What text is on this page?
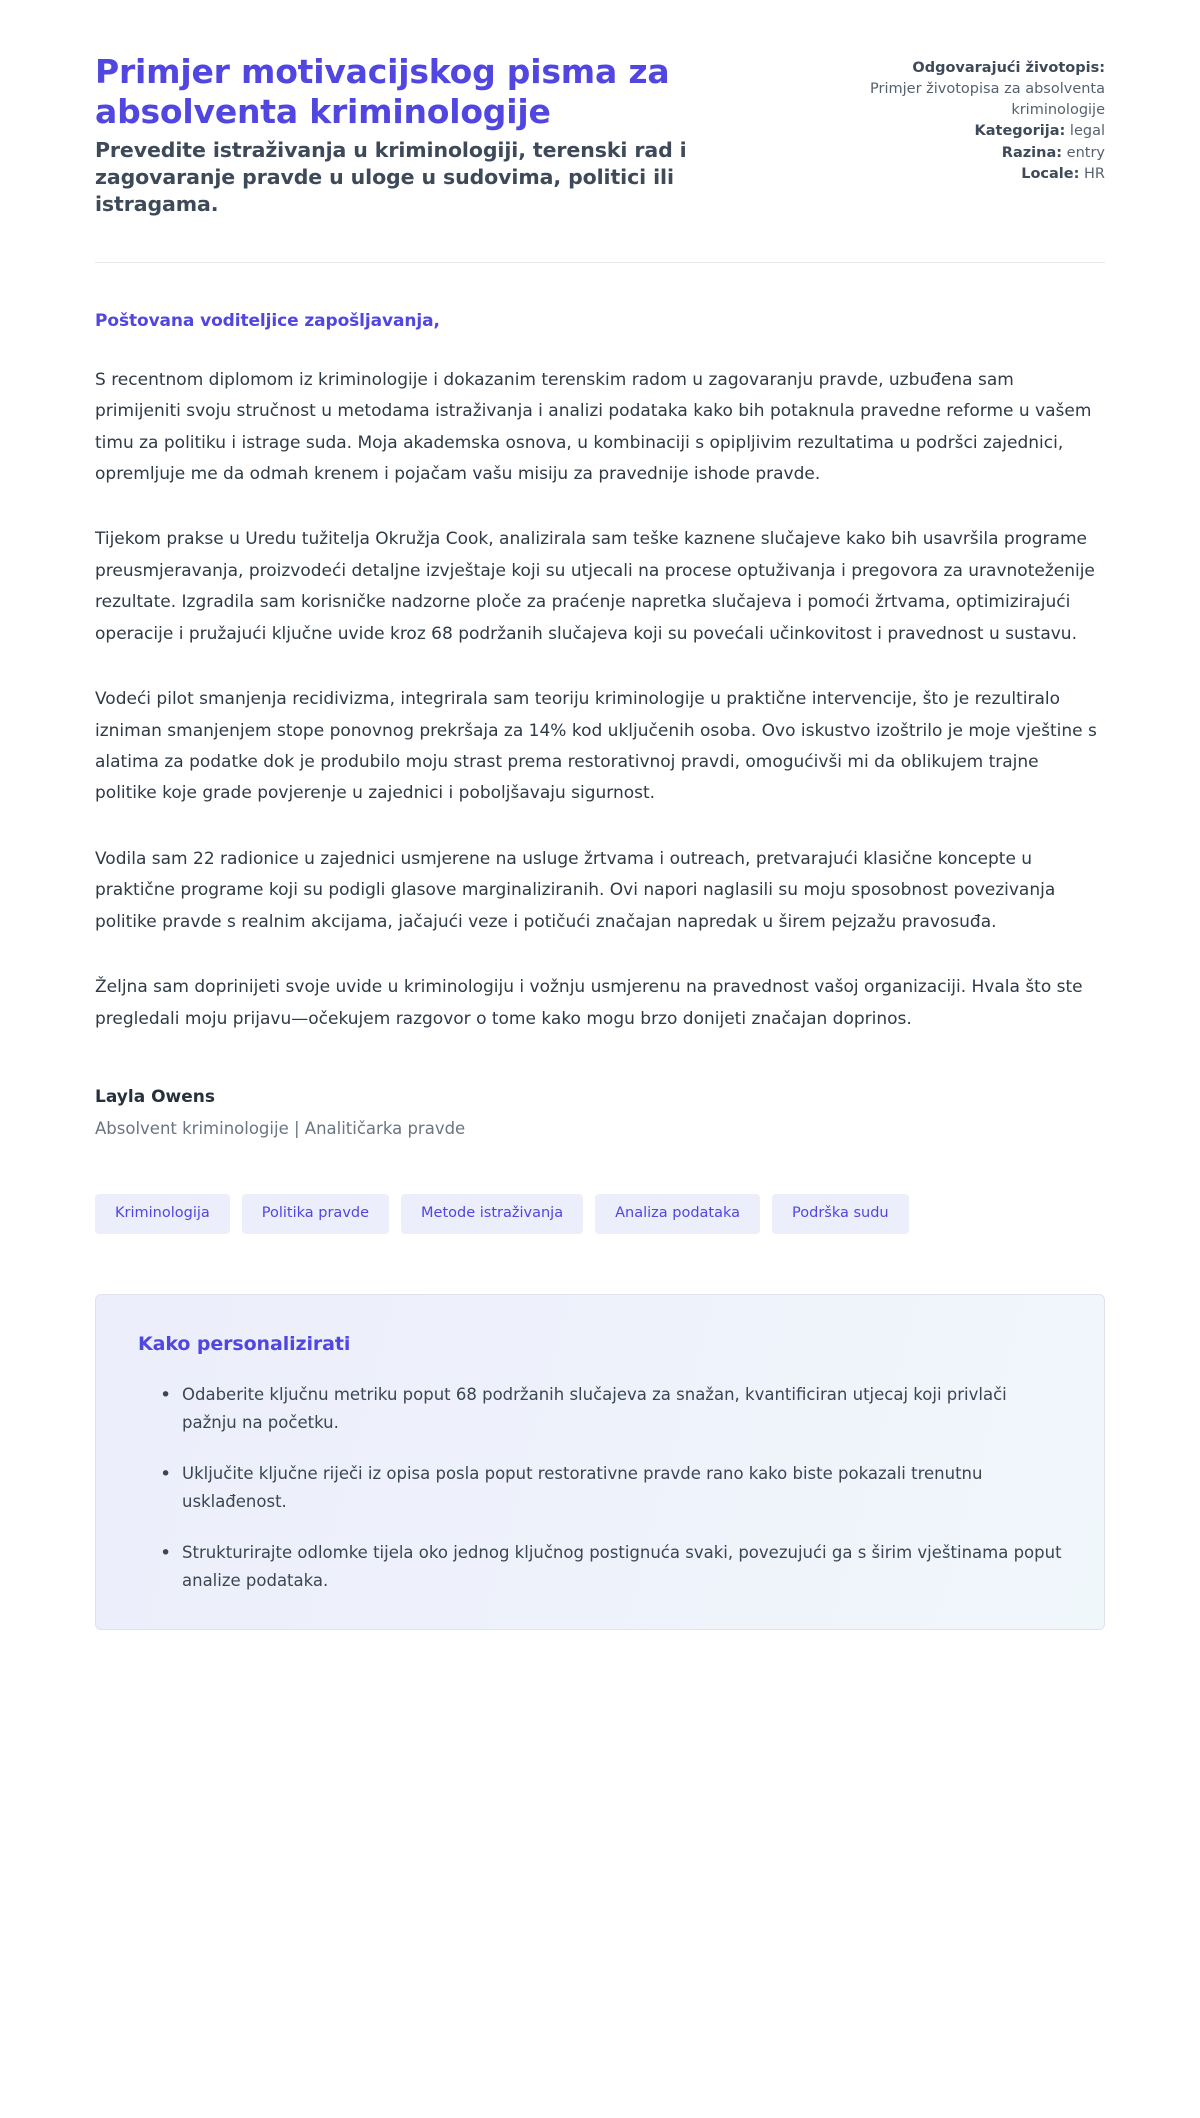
Primjer motivacijskog pisma za absolventa kriminologije

Prevedite istraživanja u kriminologiji, terenski rad i zagovaranje pravde u uloge u sudovima, politici ili istragama.

Odgovarajući životopis:
Primjer životopisa za absolventa kriminologije
Kategorija: legal
Razina: entry
Locale: HR

Poštovana voditeljice zapošljavanja,

S recentnom diplomom iz kriminologije i dokazanim terenskim radom u zagovaranju pravde, uzbuđena sam primijeniti svoju stručnost u metodama istraživanja i analizi podataka kako bih potaknula pravedne reforme u vašem timu za politiku i istrage suda. Moja akademska osnova, u kombinaciji s opipljivim rezultatima u podršci zajednici, opremljuje me da odmah krenem i pojačam vašu misiju za pravednije ishode pravde.

Tijekom prakse u Uredu tužitelja Okružja Cook, analizirala sam teške kaznene slučajeve kako bih usavršila programe preusmjeravanja, proizvodeći detaljne izvještaje koji su utjecali na procese optuživanja i pregovora za uravnoteženije rezultate. Izgradila sam korisničke nadzorne ploče za praćenje napretka slučajeva i pomoći žrtvama, optimizirajući operacije i pružajući ključne uvide kroz 68 podržanih slučajeva koji su povećali učinkovitost i pravednost u sustavu.

Vodeći pilot smanjenja recidivizma, integrirala sam teoriju kriminologije u praktične intervencije, što je rezultiralo izniman smanjenjem stope ponovnog prekršaja za 14% kod uključenih osoba. Ovo iskustvo izoštrilo je moje vještine s alatima za podatke dok je produbilo moju strast prema restorativnoj pravdi, omogućivši mi da oblikujem trajne politike koje grade povjerenje u zajednici i poboljšavaju sigurnost.

Vodila sam 22 radionice u zajednici usmjerene na usluge žrtvama i outreach, pretvarajući klasične koncepte u praktične programe koji su podigli glasove marginaliziranih. Ovi napori naglasili su moju sposobnost povezivanja politike pravde s realnim akcijama, jačajući veze i potičući značajan napredak u širem pejzažu pravosuđa.

Željna sam doprinijeti svoje uvide u kriminologiju i vožnju usmjerenu na pravednost vašoj organizaciji. Hvala što ste pregledali moju prijavu—očekujem razgovor o tome kako mogu brzo donijeti značajan doprinos.

Layla Owens

Absolvent kriminologije | Analitičarka pravde

Kriminologija	Politika pravde	Metode istraživanja	Analiza podataka	Podrška sudu
Kako personalizirati
• Odaberite ključnu metriku poput 68 podržanih slučajeva za snažan, kvantificiran utjecaj koji privlači pažnju na početku.
• Uključite ključne riječi iz opisa posla poput restorativne pravde rano kako biste pokazali trenutnu usklađenost.
• Strukturirajte odlomke tijela oko jednog ključnog postignuća svaki, povezujući ga s širim vještinama poput analize podataka.
